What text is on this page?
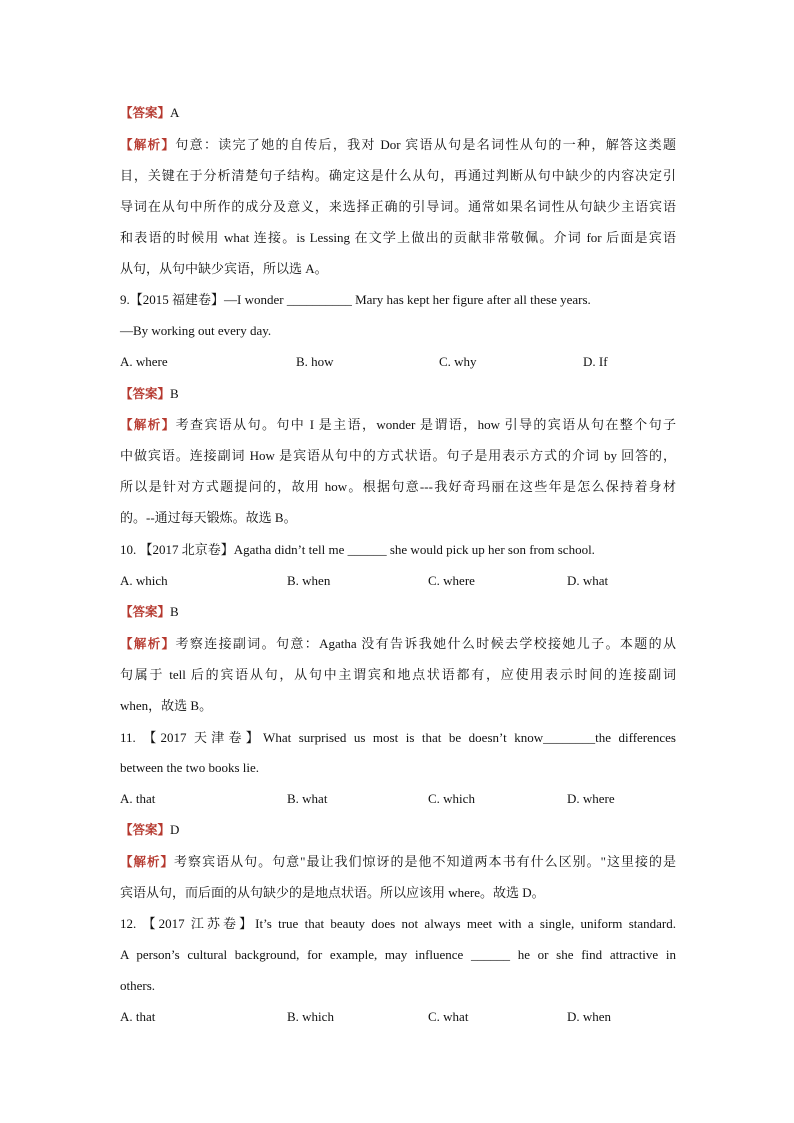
【答案】A
【解析】句意：读完了她的自传后，我对 Dor 宾语从句是名词性从句的一种，解答这类题
目，关键在于分析清楚句子结构。确定这是什么从句，再通过判断从句中缺少的内容决定引
导词在从句中所作的成分及意义，来选择正确的引导词。通常如果名词性从句缺少主语宾语
和表语的时候用 what 连接。is Lessing 在文学上做出的贡献非常敬佩。介词 for 后面是宾语
从句，从句中缺少宾语，所以选 A。
9.【2015 福建卷】—I wonder __________ Mary has kept her figure after all these years.
—By working out every day.
A. where	B. how	C. why	D. If
【答案】B
【解析】考查宾语从句。句中 I 是主语，wonder 是谓语，how 引导的宾语从句在整个句子
中做宾语。连接副词 How 是宾语从句中的方式状语。句子是用表示方式的介词 by 回答的，
所以是针对方式题提问的，故用 how。根据句意---我好奇玛丽在这些年是怎么保持着身材
的。--通过每天锻炼。故选 B。
10. 【2017 北京卷】Agatha didn’t tell me ______ she would pick up her son from school.
A. which	B. when	C. where	D. what
【答案】B
【解析】考察连接副词。句意：Agatha 没有告诉我她什么时候去学校接她儿子。本题的从
句属于 tell 后的宾语从句，从句中主谓宾和地点状语都有，应使用表示时间的连接副词
when，故选 B。
11. 【2017 天津卷】What surprised us most is that be doesn’t know________the differences
between the two books lie.
A. that	B. what	C. which	D. where
【答案】D
【解析】考察宾语从句。句意"最让我们惊讶的是他不知道两本书有什么区别。"这里接的是
宾语从句，而后面的从句缺少的是地点状语。所以应该用 where。故选 D。
12. 【2017 江苏卷】It’s true that beauty does not always meet with a single, uniform standard.
A person’s cultural background, for example, may influence ______ he or she find attractive in
others.
A. that	B. which	C. what	D. when
